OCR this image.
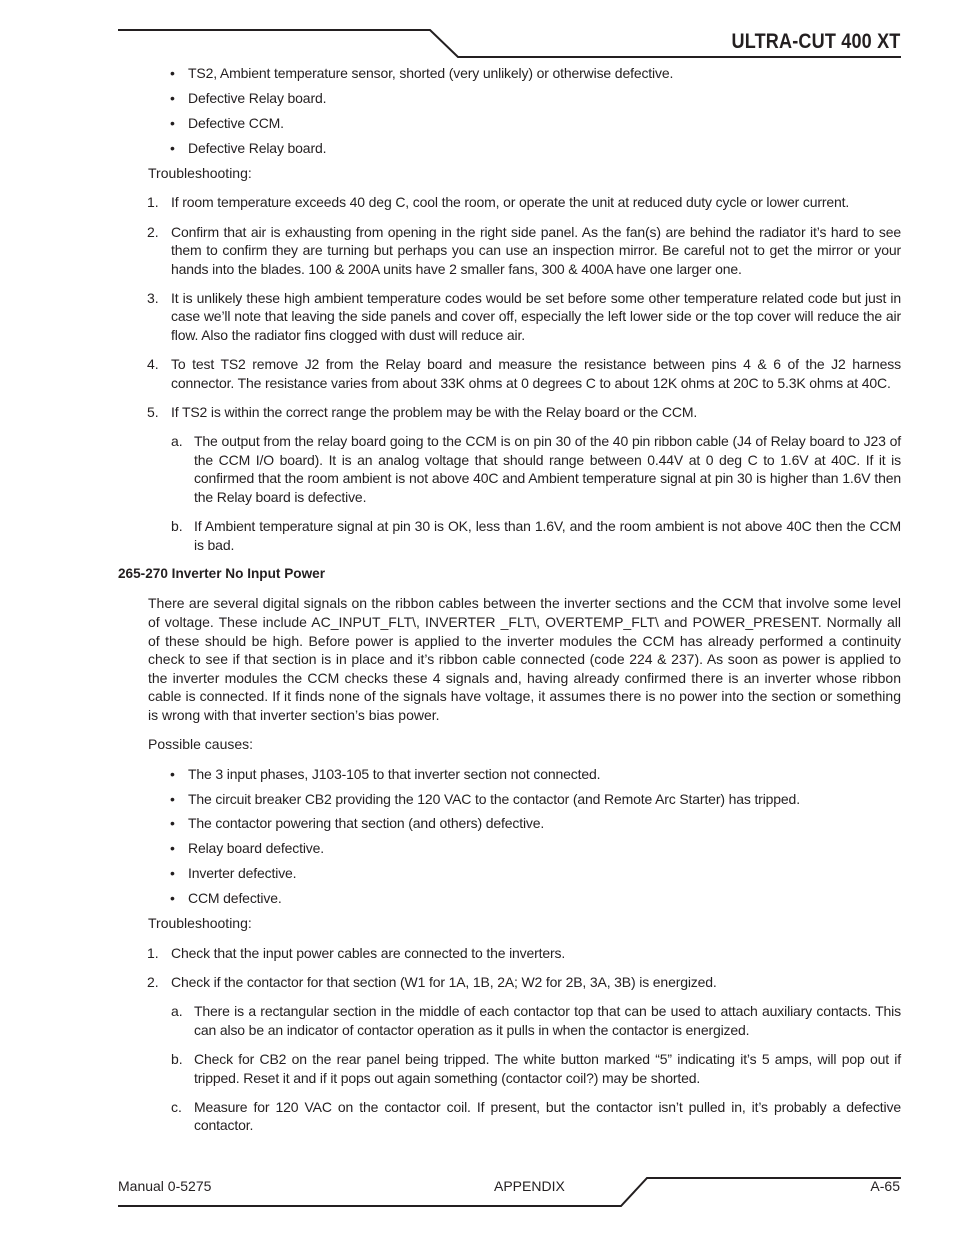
ULTRA-CUT 400 XT
• TS2, Ambient temperature sensor, shorted (very unlikely) or otherwise defective.
• Defective Relay board.
• Defective CCM.
• Defective Relay board.
Troubleshooting:
1. If room temperature exceeds 40 deg C, cool the room, or operate the unit at reduced duty cycle or lower current.
2. Confirm that air is exhausting from opening in the right side panel. As the fan(s) are behind the radiator it’s hard to see them to confirm they are turning but perhaps you can use an inspection mirror. Be careful not to get the mirror or your hands into the blades. 100 & 200A units have 2 smaller fans, 300 & 400A have one larger one.
3. It is unlikely these high ambient temperature codes would be set before some other temperature related code but just in case we’ll note that leaving the side panels and cover off, especially the left lower side or the top cover will reduce the air flow. Also the radiator fins clogged with dust will reduce air.
4. To test TS2 remove J2 from the Relay board and measure the resistance between pins 4 & 6 of the J2 harness connector. The resistance varies from about 33K ohms at 0 degrees C to about 12K ohms at 20C to 5.3K ohms at 40C.
5. If TS2 is within the correct range the problem may be with the Relay board or the CCM.
a. The output from the relay board going to the CCM is on pin 30 of the 40 pin ribbon cable (J4 of Relay board to J23 of the CCM I/O board). It is an analog voltage that should range between 0.44V at 0 deg C to 1.6V at 40C. If it is confirmed that the room ambient is not above 40C and Ambient temperature signal at pin 30 is higher than 1.6V then the Relay board is defective.
b. If Ambient temperature signal at pin 30 is OK, less than 1.6V, and the room ambient is not above 40C then the CCM is bad.
265-270 Inverter No Input Power

There are several digital signals on the ribbon cables between the inverter sections and the CCM that involve some level of voltage. These include AC_INPUT_FLT\, INVERTER _FLT\, OVERTEMP_FLT\ and POWER_PRESENT. Normally all of these should be high. Before power is applied to the inverter modules the CCM has already performed a continuity check to see if that section is in place and it’s ribbon cable connected (code 224 & 237). As soon as power is applied to the inverter modules the CCM checks these 4 signals and, having already confirmed there is an inverter whose ribbon cable is connected. If it finds none of the signals have voltage, it assumes there is no power into the section or something is wrong with that inverter section’s bias power.

Possible causes:
• The 3 input phases, J103-105 to that inverter section not connected.
• The circuit breaker CB2 providing the 120 VAC to the contactor (and Remote Arc Starter) has tripped.
• The contactor powering that section (and others) defective.
• Relay board defective.
• Inverter defective.
• CCM defective.
Troubleshooting:
1. Check that the input power cables are connected to the inverters.
2. Check if the contactor for that section (W1 for 1A, 1B, 2A; W2 for 2B, 3A, 3B) is energized.
a. There is a rectangular section in the middle of each contactor top that can be used to attach auxiliary contacts. This can also be an indicator of contactor operation as it pulls in when the contactor is energized.
b. Check for CB2 on the rear panel being tripped. The white button marked “5” indicating it’s 5 amps, will pop out if tripped. Reset it and if it pops out again something (contactor coil?) may be shorted.
c. Measure for 120 VAC on the contactor coil. If present, but the contactor isn’t pulled in, it’s probably a defective contactor.
Manual 0-5275	APPENDIX	A-65
